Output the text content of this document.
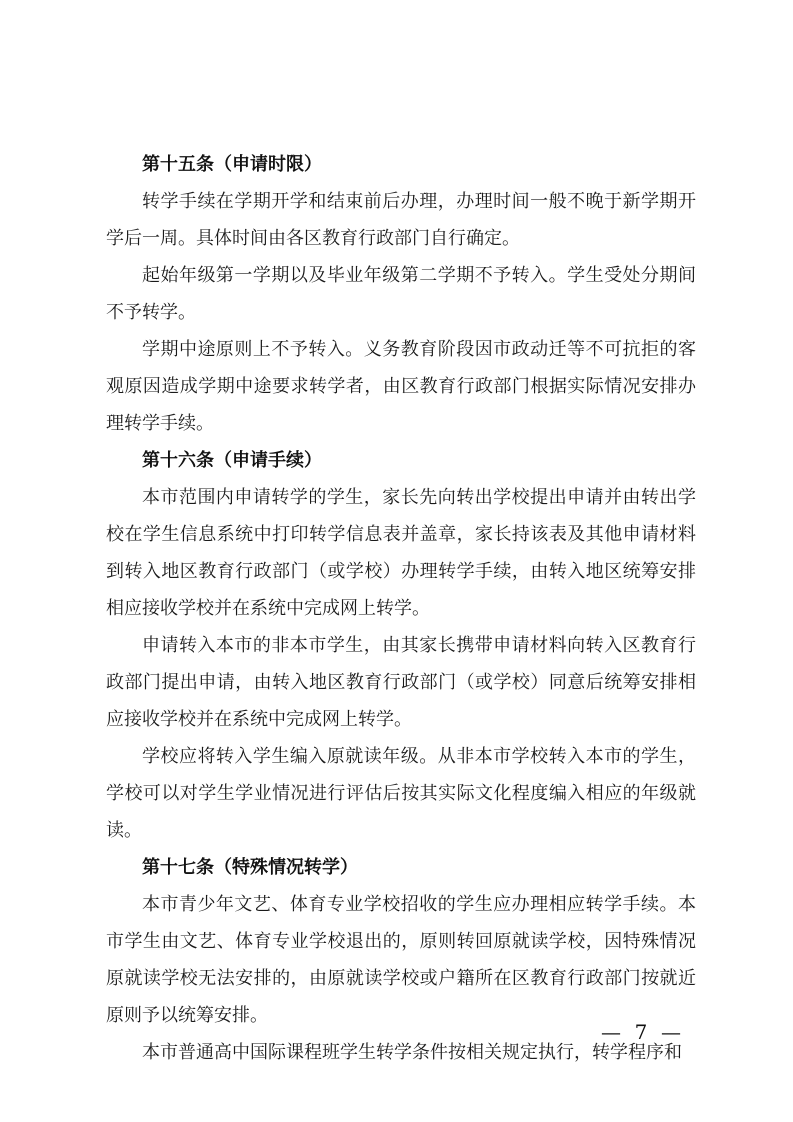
第十五条（申请时限）

转学手续在学期开学和结束前后办理，办理时间一般不晚于新学期开学后一周。具体时间由各区教育行政部门自行确定。

起始年级第一学期以及毕业年级第二学期不予转入。学生受处分期间不予转学。

学期中途原则上不予转入。义务教育阶段因市政动迁等不可抗拒的客观原因造成学期中途要求转学者，由区教育行政部门根据实际情况安排办理转学手续。

第十六条（申请手续）

本市范围内申请转学的学生，家长先向转出学校提出申请并由转出学校在学生信息系统中打印转学信息表并盖章，家长持该表及其他申请材料到转入地区教育行政部门（或学校）办理转学手续，由转入地区统筹安排相应接收学校并在系统中完成网上转学。

申请转入本市的非本市学生，由其家长携带申请材料向转入区教育行政部门提出申请，由转入地区教育行政部门（或学校）同意后统筹安排相应接收学校并在系统中完成网上转学。

学校应将转入学生编入原就读年级。从非本市学校转入本市的学生，学校可以对学生学业情况进行评估后按其实际文化程度编入相应的年级就读。

第十七条（特殊情况转学）

本市青少年文艺、体育专业学校招收的学生应办理相应转学手续。本市学生由文艺、体育专业学校退出的，原则转回原就读学校，因特殊情况原就读学校无法安排的，由原就读学校或户籍所在区教育行政部门按就近原则予以统筹安排。

本市普通高中国际课程班学生转学条件按相关规定执行，转学程序和

— 7 —
